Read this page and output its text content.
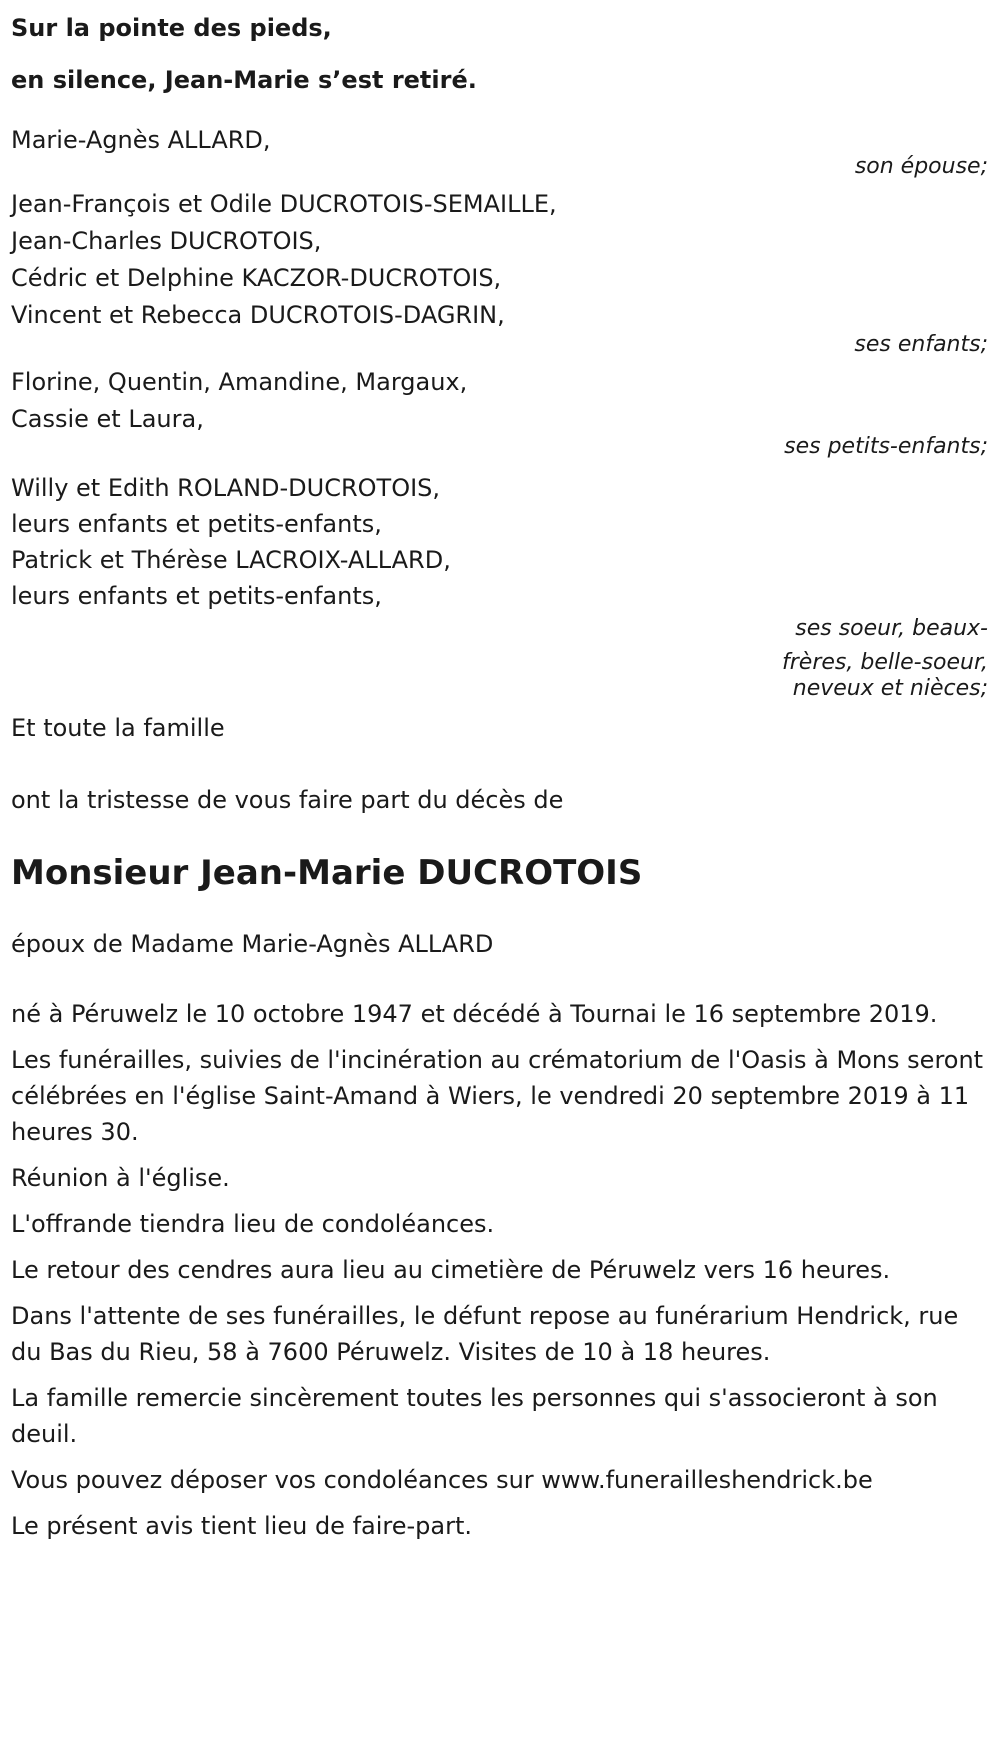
Sur la pointe des pieds,
en silence, Jean-Marie s’est retiré.
Marie-Agnès ALLARD,
son épouse;
Jean-François et Odile DUCROTOIS-SEMAILLE,
Jean-Charles DUCROTOIS,
Cédric et Delphine KACZOR-DUCROTOIS,
Vincent et Rebecca DUCROTOIS-DAGRIN,
ses enfants;
Florine, Quentin, Amandine, Margaux,
Cassie et Laura,
ses petits-enfants;
Willy et Edith ROLAND-DUCROTOIS,
leurs enfants et petits-enfants,
Patrick et Thérèse LACROIX-ALLARD,
leurs enfants et petits-enfants,
ses soeur, beaux-
frères, belle-soeur,
neveux et nièces;
Et toute la famille
ont la tristesse de vous faire part du décès de
Monsieur Jean-Marie DUCROTOIS
époux de Madame Marie-Agnès ALLARD
né à Péruwelz le 10 octobre 1947 et décédé à Tournai le 16 septembre 2019.
Les funérailles, suivies de l'incinération au crématorium de l'Oasis à Mons seront célébrées en l'église Saint-Amand à Wiers, le vendredi 20 septembre 2019 à 11 heures 30.
Réunion à l'église.
L'offrande tiendra lieu de condoléances.
Le retour des cendres aura lieu au cimetière de Péruwelz vers 16 heures.
Dans l'attente de ses funérailles, le défunt repose au funérarium Hendrick, rue du Bas du Rieu, 58 à 7600 Péruwelz. Visites de 10 à 18 heures.
La famille remercie sincèrement toutes les personnes qui s'associeront à son deuil.
Vous pouvez déposer vos condoléances sur www.funerailleshendrick.be
Le présent avis tient lieu de faire-part.
